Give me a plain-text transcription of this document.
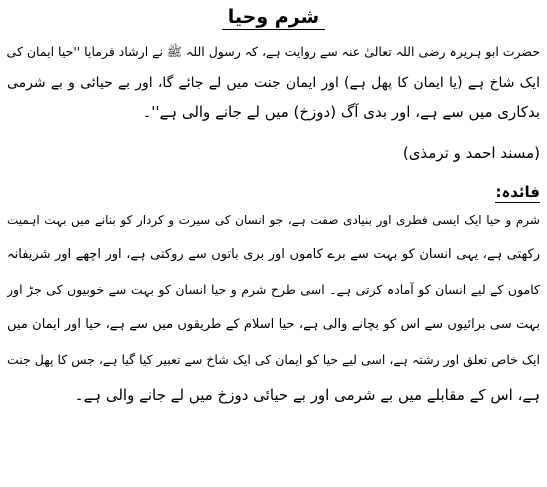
شرم وحیا
حضرت ابو ہریرہ رضی اللہ تعالیٰ عنہ سے روایت ہے، کہ رسول اللہ ﷺ نے ارشاد فرمایا ''حیا ایمان کی
ایک شاخ ہے (یا ایمان کا پھل ہے) اور ایمان جنت میں لے جائے گا، اور بے حیائی و بے شرمی
بدکاری میں سے ہے، اور بدی آگ (دوزخ) میں لے جانے والی ہے''۔
(مسند احمد و ترمذی)
فائدہ:
شرم و حیا ایک ایسی فطری اور بنیادی صفت ہے، جو انسان کی سیرت و کردار کو بنانے میں بہت اہمیت
رکھتی ہے، یہی انسان کو بہت سے برے کاموں اور بری باتوں سے روکتی ہے، اور اچھے اور شریفانہ
کاموں کے لیے انسان کو آمادہ کرتی ہے۔ اسی طرح شرم و حیا انسان کو بہت سے خوبیوں کی جڑ اور
بہت سی برائیوں سے اس کو بچانے والی ہے، حیا اسلام کے طریقوں میں سے ہے، حیا اور ایمان میں
ایک خاص تعلق اور رشتہ ہے، اسی لیے حیا کو ایمان کی ایک شاخ سے تعبیر کیا گیا ہے، جس کا پھل جنت
ہے، اس کے مقابلے میں بے شرمی اور بے حیائی دوزخ میں لے جانے والی ہے۔
